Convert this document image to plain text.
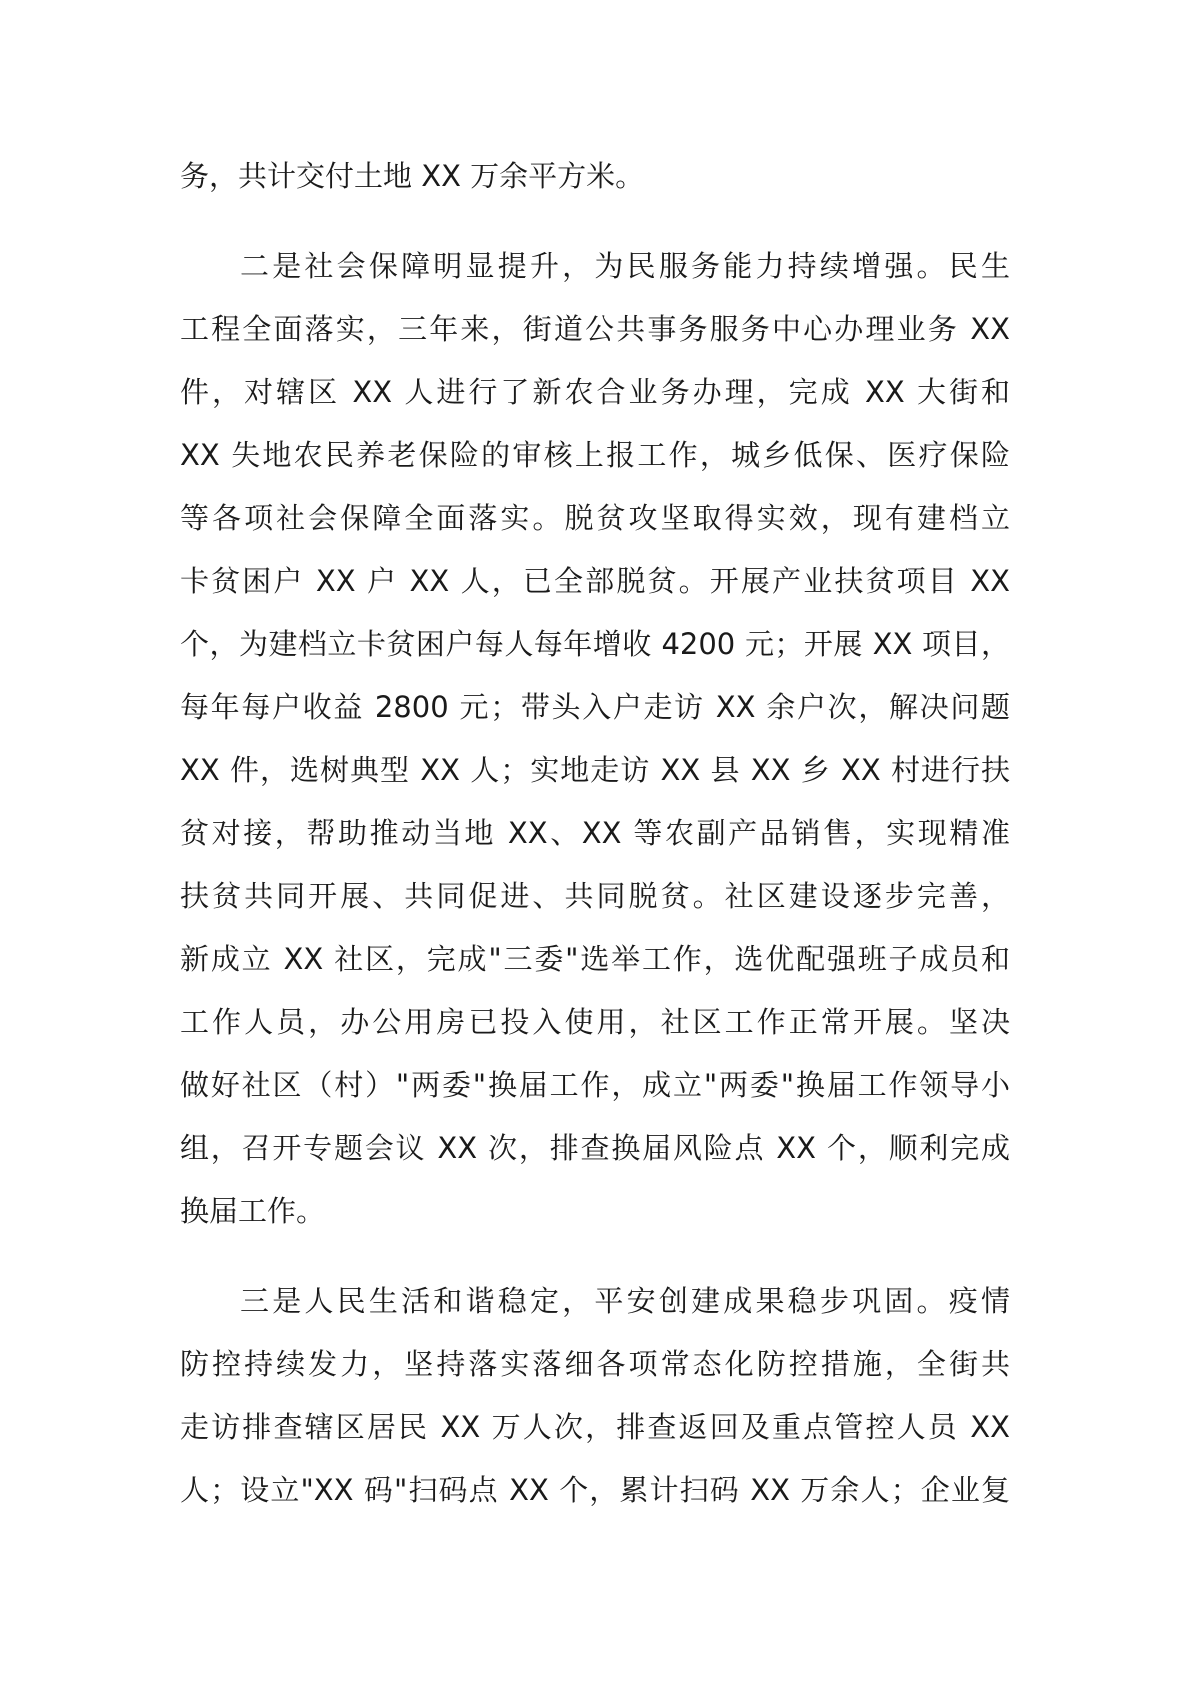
务，共计交付土地 XX 万余平方米。
二是社会保障明显提升，为民服务能力持续增强。民生
工程全面落实，三年来，街道公共事务服务中心办理业务 XX
件，对辖区 XX 人进行了新农合业务办理，完成 XX 大街和
XX 失地农民养老保险的审核上报工作，城乡低保、医疗保险
等各项社会保障全面落实。脱贫攻坚取得实效，现有建档立
卡贫困户 XX 户 XX 人，已全部脱贫。开展产业扶贫项目 XX
个，为建档立卡贫困户每人每年增收 4200 元；开展 XX 项目，
每年每户收益 2800 元；带头入户走访 XX 余户次，解决问题
XX 件，选树典型 XX 人；实地走访 XX 县 XX 乡 XX 村进行扶
贫对接，帮助推动当地 XX、XX 等农副产品销售，实现精准
扶贫共同开展、共同促进、共同脱贫。社区建设逐步完善，
新成立 XX 社区，完成"三委"选举工作，选优配强班子成员和
工作人员，办公用房已投入使用，社区工作正常开展。坚决
做好社区（村）"两委"换届工作，成立"两委"换届工作领导小
组，召开专题会议 XX 次，排查换届风险点 XX 个，顺利完成
换届工作。
三是人民生活和谐稳定，平安创建成果稳步巩固。疫情
防控持续发力，坚持落实落细各项常态化防控措施，全街共
走访排查辖区居民 XX 万人次，排查返回及重点管控人员 XX
人；设立"XX 码"扫码点 XX 个，累计扫码 XX 万余人；企业复
